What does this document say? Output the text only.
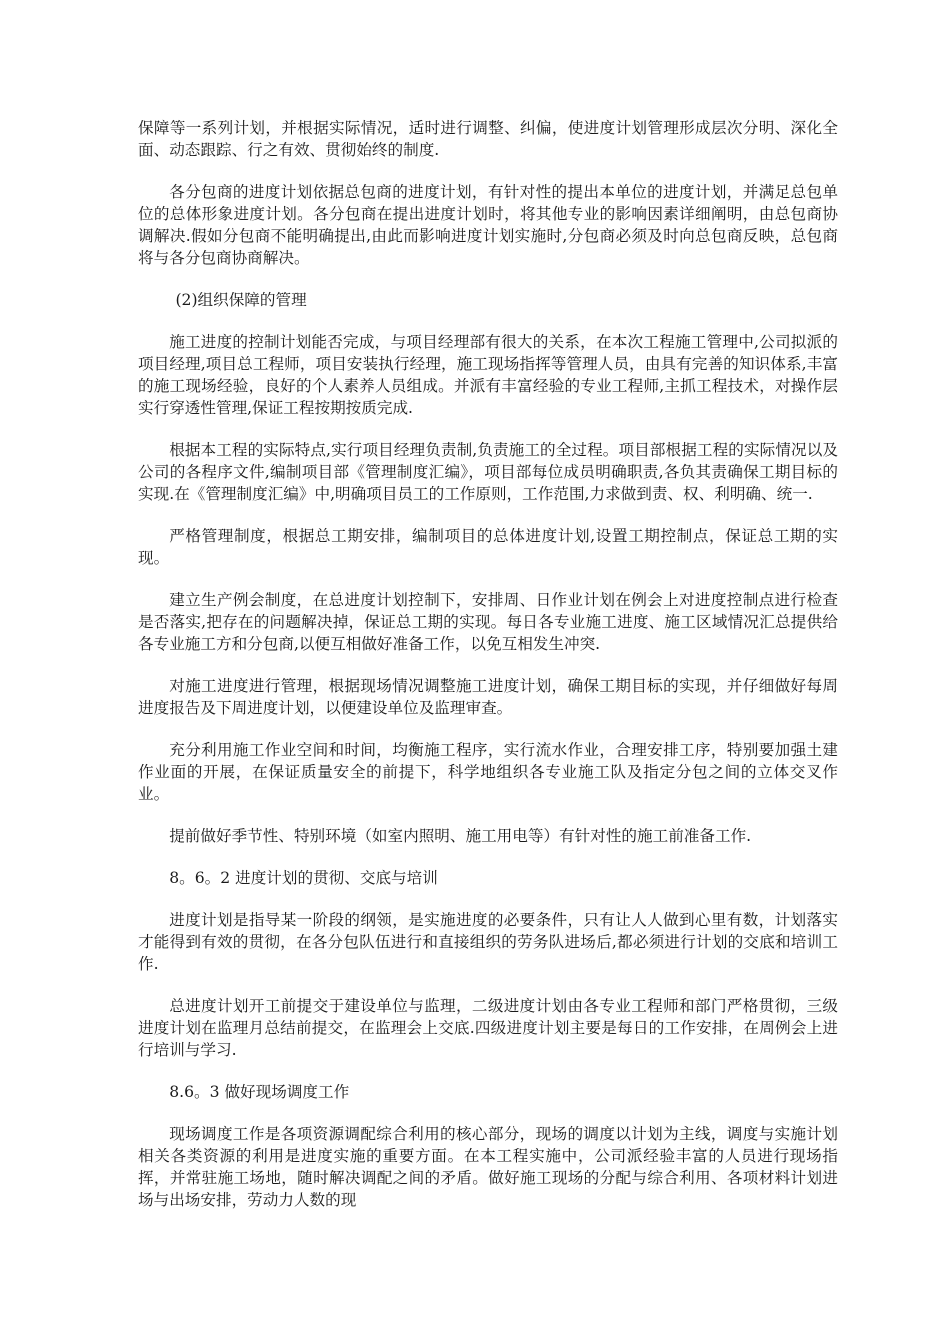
保障等一系列计划，并根据实际情况，适时进行调整、纠偏，使进度计划管理形成层次分明、深化全面、动态跟踪、行之有效、贯彻始终的制度.

各分包商的进度计划依据总包商的进度计划，有针对性的提出本单位的进度计划，并满足总包单位的总体形象进度计划。各分包商在提出进度计划时，将其他专业的影响因素详细阐明，由总包商协调解决.假如分包商不能明确提出,由此而影响进度计划实施时,分包商必须及时向总包商反映，总包商将与各分包商协商解决。

(2)组织保障的管理

施工进度的控制计划能否完成，与项目经理部有很大的关系，在本次工程施工管理中,公司拟派的项目经理,项目总工程师，项目安装执行经理，施工现场指挥等管理人员，由具有完善的知识体系,丰富的施工现场经验，良好的个人素养人员组成。并派有丰富经验的专业工程师,主抓工程技术，对操作层实行穿透性管理,保证工程按期按质完成.

根据本工程的实际特点,实行项目经理负责制,负责施工的全过程。项目部根据工程的实际情况以及公司的各程序文件,编制项目部《管理制度汇编》，项目部每位成员明确职责,各负其责确保工期目标的实现.在《管理制度汇编》中,明确项目员工的工作原则，工作范围,力求做到责、权、利明确、统一.

严格管理制度，根据总工期安排，编制项目的总体进度计划,设置工期控制点，保证总工期的实现。

建立生产例会制度，在总进度计划控制下，安排周、日作业计划在例会上对进度控制点进行检查是否落实,把存在的问题解决掉，保证总工期的实现。每日各专业施工进度、施工区域情况汇总提供给各专业施工方和分包商,以便互相做好准备工作，以免互相发生冲突.

对施工进度进行管理，根据现场情况调整施工进度计划，确保工期目标的实现，并仔细做好每周进度报告及下周进度计划，以便建设单位及监理审查。

充分利用施工作业空间和时间，均衡施工程序，实行流水作业，合理安排工序，特别要加强土建作业面的开展，在保证质量安全的前提下，科学地组织各专业施工队及指定分包之间的立体交叉作业。

提前做好季节性、特别环境（如室内照明、施工用电等）有针对性的施工前准备工作.

8。6。2 进度计划的贯彻、交底与培训

进度计划是指导某一阶段的纲领，是实施进度的必要条件，只有让人人做到心里有数，计划落实才能得到有效的贯彻，在各分包队伍进行和直接组织的劳务队进场后,都必须进行计划的交底和培训工作.

总进度计划开工前提交于建设单位与监理，二级进度计划由各专业工程师和部门严格贯彻，三级进度计划在监理月总结前提交，在监理会上交底.四级进度计划主要是每日的工作安排，在周例会上进行培训与学习.

8.6。3 做好现场调度工作

现场调度工作是各项资源调配综合利用的核心部分，现场的调度以计划为主线，调度与实施计划相关各类资源的利用是进度实施的重要方面。在本工程实施中，公司派经验丰富的人员进行现场指挥，并常驻施工场地，随时解决调配之间的矛盾。做好施工现场的分配与综合利用、各项材料计划进场与出场安排，劳动力人数的现
